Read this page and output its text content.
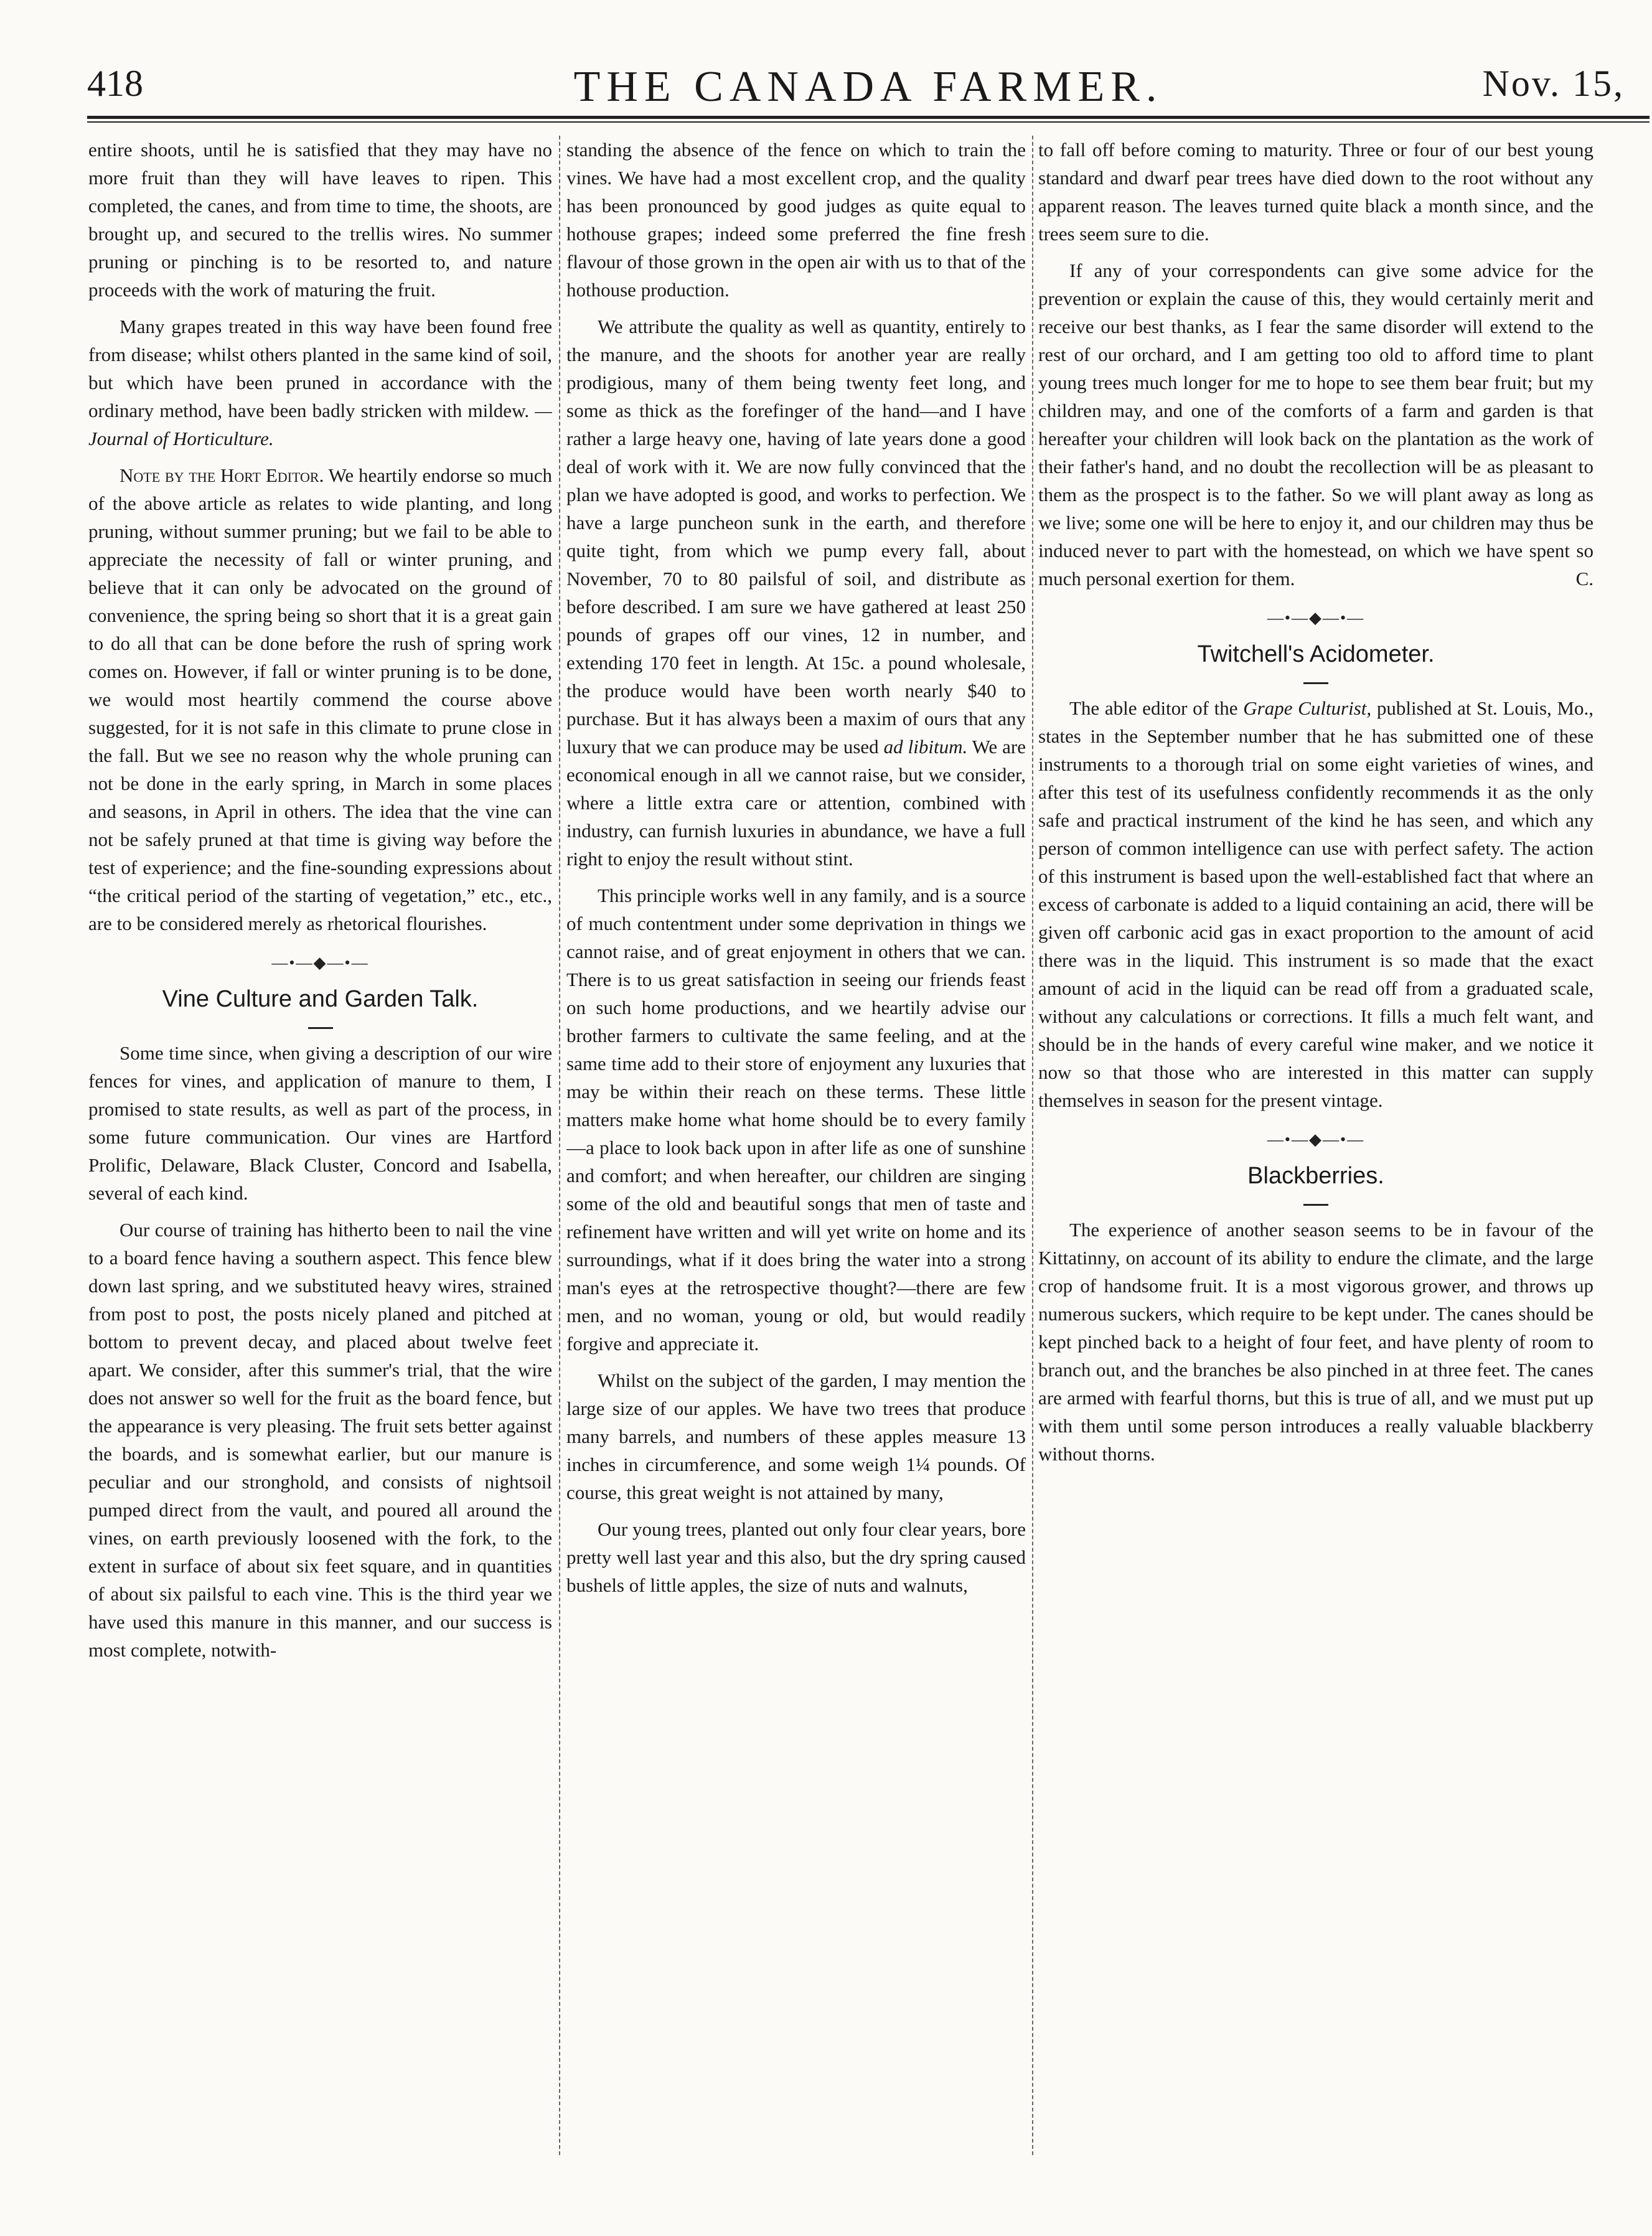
THE CANADA FARMER.
418	Nov. 15,

entire shoots, until he is satisfied that they may have no more fruit than they will have leaves to ripen. This completed, the canes, and from time to time, the shoots, are brought up, and secured to the trellis wires. No summer pruning or pinching is to be resorted to, and nature proceeds with the work of maturing the fruit.

Many grapes treated in this way have been found free from disease; whilst others planted in the same kind of soil, but which have been pruned in accordance with the ordinary method, have been badly stricken with mildew. —Journal of Horticulture.

Note by the Hort Editor. We heartily endorse so much of the above article as relates to wide planting, and long pruning, without summer pruning; but we fail to be able to appreciate the necessity of fall or winter pruning, and believe that it can only be advocated on the ground of convenience, the spring being so short that it is a great gain to do all that can be done before the rush of spring work comes on. However, if fall or winter pruning is to be done, we would most heartily commend the course above suggested, for it is not safe in this climate to prune close in the fall. But we see no reason why the whole pruning can not be done in the early spring, in March in some places and seasons, in April in others. The idea that the vine can not be safely pruned at that time is giving way before the test of experience; and the fine-sounding expressions about “the critical period of the starting of vegetation,” etc., etc., are to be considered merely as rhetorical flourishes.

—•—◆—•—
Vine Culture and Garden Talk.

Some time since, when giving a description of our wire fences for vines, and application of manure to them, I promised to state results, as well as part of the process, in some future communication. Our vines are Hartford Prolific, Delaware, Black Cluster, Concord and Isabella, several of each kind.

Our course of training has hitherto been to nail the vine to a board fence having a southern aspect. This fence blew down last spring, and we substituted heavy wires, strained from post to post, the posts nicely planed and pitched at bottom to prevent decay, and placed about twelve feet apart. We consider, after this summer's trial, that the wire does not answer so well for the fruit as the board fence, but the appearance is very pleasing. The fruit sets better against the boards, and is somewhat earlier, but our manure is peculiar and our stronghold, and consists of nightsoil pumped direct from the vault, and poured all around the vines, on earth previously loosened with the fork, to the extent in surface of about six feet square, and in quantities of about six pailsful to each vine. This is the third year we have used this manure in this manner, and our success is most complete, notwith-

standing the absence of the fence on which to train the vines. We have had a most excellent crop, and the quality has been pronounced by good judges as quite equal to hothouse grapes; indeed some preferred the fine fresh flavour of those grown in the open air with us to that of the hothouse production.

We attribute the quality as well as quantity, entirely to the manure, and the shoots for another year are really prodigious, many of them being twenty feet long, and some as thick as the forefinger of the hand—and I have rather a large heavy one, having of late years done a good deal of work with it. We are now fully convinced that the plan we have adopted is good, and works to perfection. We have a large puncheon sunk in the earth, and therefore quite tight, from which we pump every fall, about November, 70 to 80 pailsful of soil, and distribute as before described. I am sure we have gathered at least 250 pounds of grapes off our vines, 12 in number, and extending 170 feet in length. At 15c. a pound wholesale, the produce would have been worth nearly $40 to purchase. But it has always been a maxim of ours that any luxury that we can produce may be used ad libitum. We are economical enough in all we cannot raise, but we consider, where a little extra care or attention, combined with industry, can furnish luxuries in abundance, we have a full right to enjoy the result without stint.

This principle works well in any family, and is a source of much contentment under some deprivation in things we cannot raise, and of great enjoyment in others that we can. There is to us great satisfaction in seeing our friends feast on such home productions, and we heartily advise our brother farmers to cultivate the same feeling, and at the same time add to their store of enjoyment any luxuries that may be within their reach on these terms. These little matters make home what home should be to every family—a place to look back upon in after life as one of sunshine and comfort; and when hereafter, our children are singing some of the old and beautiful songs that men of taste and refinement have written and will yet write on home and its surroundings, what if it does bring the water into a strong man's eyes at the retrospective thought?—there are few men, and no woman, young or old, but would readily forgive and appreciate it.

Whilst on the subject of the garden, I may mention the large size of our apples. We have two trees that produce many barrels, and numbers of these apples measure 13 inches in circumference, and some weigh 1¼ pounds. Of course, this great weight is not attained by many,

Our young trees, planted out only four clear years, bore pretty well last year and this also, but the dry spring caused bushels of little apples, the size of nuts and walnuts,

to fall off before coming to maturity. Three or four of our best young standard and dwarf pear trees have died down to the root without any apparent reason. The leaves turned quite black a month since, and the trees seem sure to die.

If any of your correspondents can give some advice for the prevention or explain the cause of this, they would certainly merit and receive our best thanks, as I fear the same disorder will extend to the rest of our orchard, and I am getting too old to afford time to plant young trees much longer for me to hope to see them bear fruit; but my children may, and one of the comforts of a farm and garden is that hereafter your children will look back on the plantation as the work of their father's hand, and no doubt the recollection will be as pleasant to them as the prospect is to the father. So we will plant away as long as we live; some one will be here to enjoy it, and our children may thus be induced never to part with the homestead, on which we have spent so much personal exertion for them.	C.

—•—◆—•—
Twitchell's Acidometer.

The able editor of the Grape Culturist, published at St. Louis, Mo., states in the September number that he has submitted one of these instruments to a thorough trial on some eight varieties of wines, and after this test of its usefulness confidently recommends it as the only safe and practical instrument of the kind he has seen, and which any person of common intelligence can use with perfect safety. The action of this instrument is based upon the well-established fact that where an excess of carbonate is added to a liquid containing an acid, there will be given off carbonic acid gas in exact proportion to the amount of acid there was in the liquid. This instrument is so made that the exact amount of acid in the liquid can be read off from a graduated scale, without any calculations or corrections. It fills a much felt want, and should be in the hands of every careful wine maker, and we notice it now so that those who are interested in this matter can supply themselves in season for the present vintage.

—•—◆—•—
Blackberries.

The experience of another season seems to be in favour of the Kittatinny, on account of its ability to endure the climate, and the large crop of handsome fruit. It is a most vigorous grower, and throws up numerous suckers, which require to be kept under. The canes should be kept pinched back to a height of four feet, and have plenty of room to branch out, and the branches be also pinched in at three feet. The canes are armed with fearful thorns, but this is true of all, and we must put up with them until some person introduces a really valuable blackberry without thorns.
